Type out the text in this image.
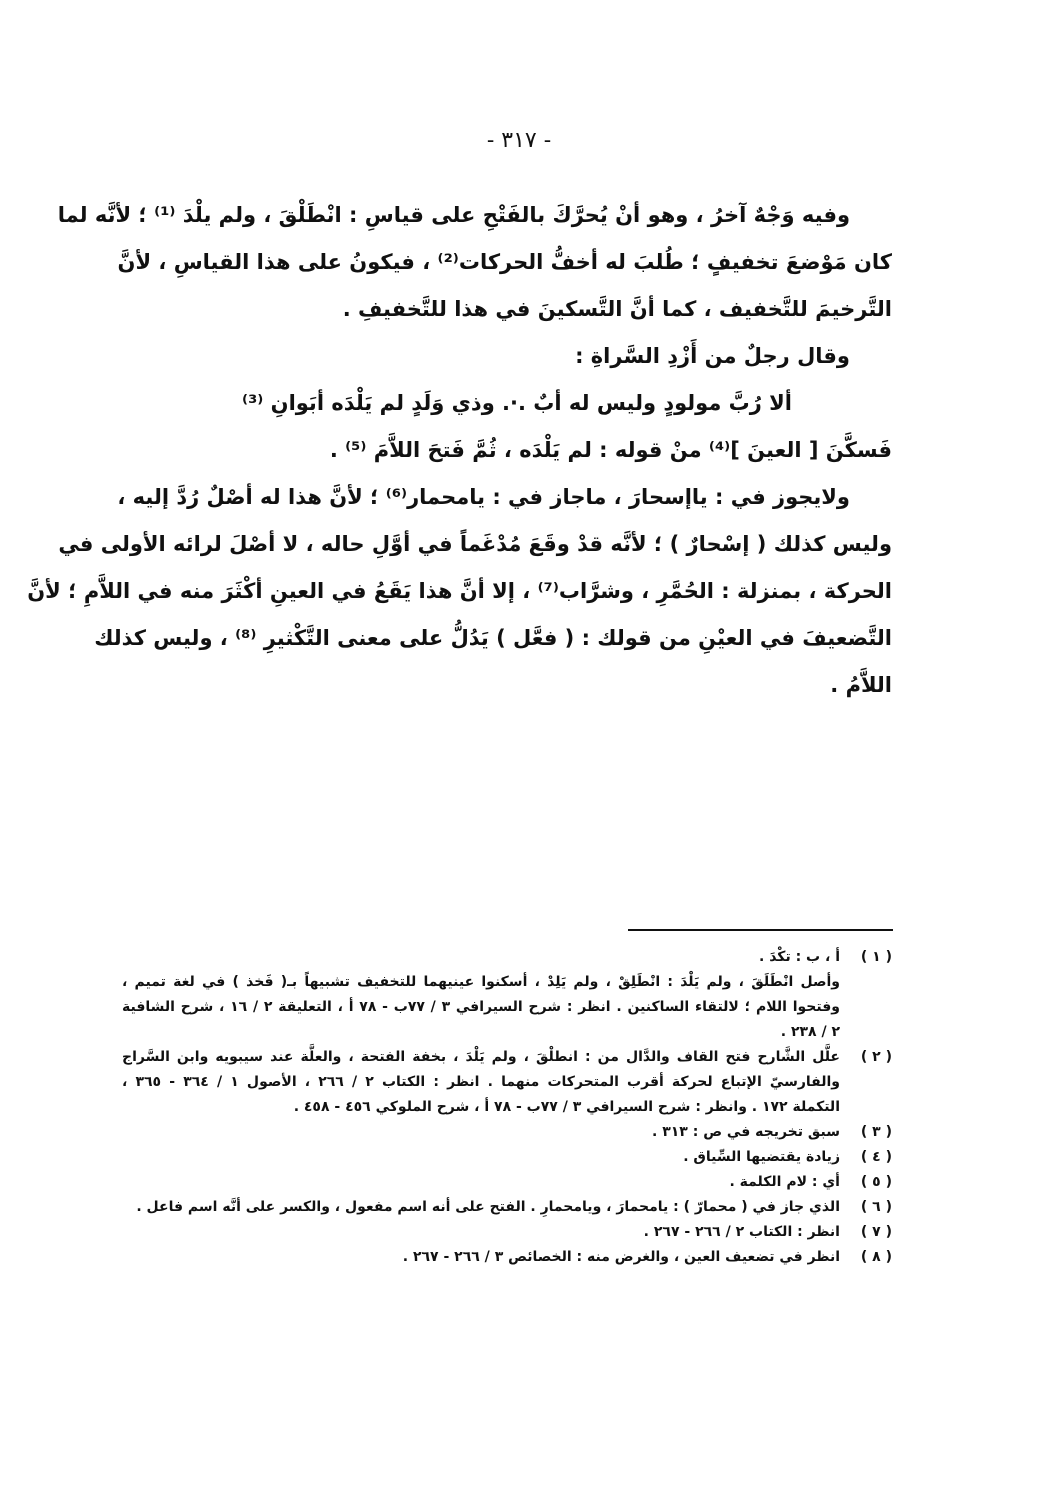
- ٣١٧ -
وفيه وَجْهٌ آخرُ ، وهو أنْ يُحرَّكَ بالفَتْحِ على قياسِ : انْطَلْقَ ، ولم يلْدَ ⁽¹⁾ ؛ لأنَّه لما
كان مَوْضعَ تخفيفٍ ؛ طُلبَ له أخفُّ الحركات⁽²⁾ ، فيكونُ على هذا القياسِ ، لأنَّ
التَّرخيمَ للتَّخفيف ، كما أنَّ التَّسكينَ في هذا للتَّخفيفِ .
وقال رجلٌ من أَزْدِ السَّراةِ :
ألا رُبَّ مولودٍ وليس له أبٌ .·. وذي وَلَدٍ لم يَلْدَه أبَوانِ ⁽³⁾
فَسكَّنَ [ العينَ ]⁽⁴⁾ منْ قوله : لم يَلْدَه ، ثُمَّ فَتحَ اللاَّمَ ⁽⁵⁾ .
ولايجوز في : ياإسحارَ ، ماجاز في : يامحمار⁽⁶⁾ ؛ لأنَّ هذا له أصْلٌ رُدَّ إليه ،
وليس كذلك ( إسْحارٌ ) ؛ لأنَّه قدْ وقَعَ مُدْغَماً في أوَّلِ حاله ، لا أصْلَ لرائه الأولى في
الحركة ، بمنزلة : الحُمَّرِ ، وشرَّاب⁽⁷⁾ ، إلا أنَّ هذا يَقَعُ في العينِ أكْثَرَ منه في اللاَّمِ ؛ لأنَّ
التَّضعيفَ في العيْنِ من قولك : ( فعَّل ) يَدُلُّ على معنى التَّكْثيرِ ⁽⁸⁾ ، وليس كذلك
اللاَّمُ .
( ١ )
أ ، ب : تكْدَ .
وأصل انْطَلَقَ ، ولم يَلْدَ : انْطَلِقْ ، ولم يَلِدْ ، أسكنوا عينيهما للتخفيف تشبيهاً بـ( فَخذ ) في لغة تميم ،
وفتحوا اللام ؛ لالتقاء الساكنين . انظر : شرح السيرافي ٣ / ٧٧ب - ٧٨ أ ، التعليقة ٢ / ١٦ ، شرح الشافية
٢ / ٢٣٨ .
( ٢ )
علَّل الشَّارح فتح القاف والدَّال من : انطلْقَ ، ولم يَلْدَ ، بخفة الفتحة ، والعلَّة عند سيبويه وابن السَّراج
والفارسيّ الإتباع لحركة أقرب المتحركات منهما . انظر : الكتاب ٢ / ٢٦٦ ، الأصول ١ / ٣٦٤ - ٣٦٥ ،
التكملة ١٧٢ . وانظر : شرح السيرافي ٣ / ٧٧ب - ٧٨ أ ، شرح الملوكي ٤٥٦ - ٤٥٨ .
( ٣ )
سبق تخريجه في ص : ٣١٣ .
( ٤ )
زيادة يقتضيها السِّياق .
( ٥ )
أي : لام الكلمة .
( ٦ )
الذي جاز في ( محمارّ ) : يامحمارَ ، ويامحمارِ . الفتح على أنه اسم مفعول ، والكسر على أنَّه اسم فاعل .
( ٧ )
انظر : الكتاب ٢ / ٢٦٦ - ٢٦٧ .
( ٨ )
انظر في تضعيف العين ، والغرض منه : الخصائص ٣ / ٢٦٦ - ٢٦٧ .
